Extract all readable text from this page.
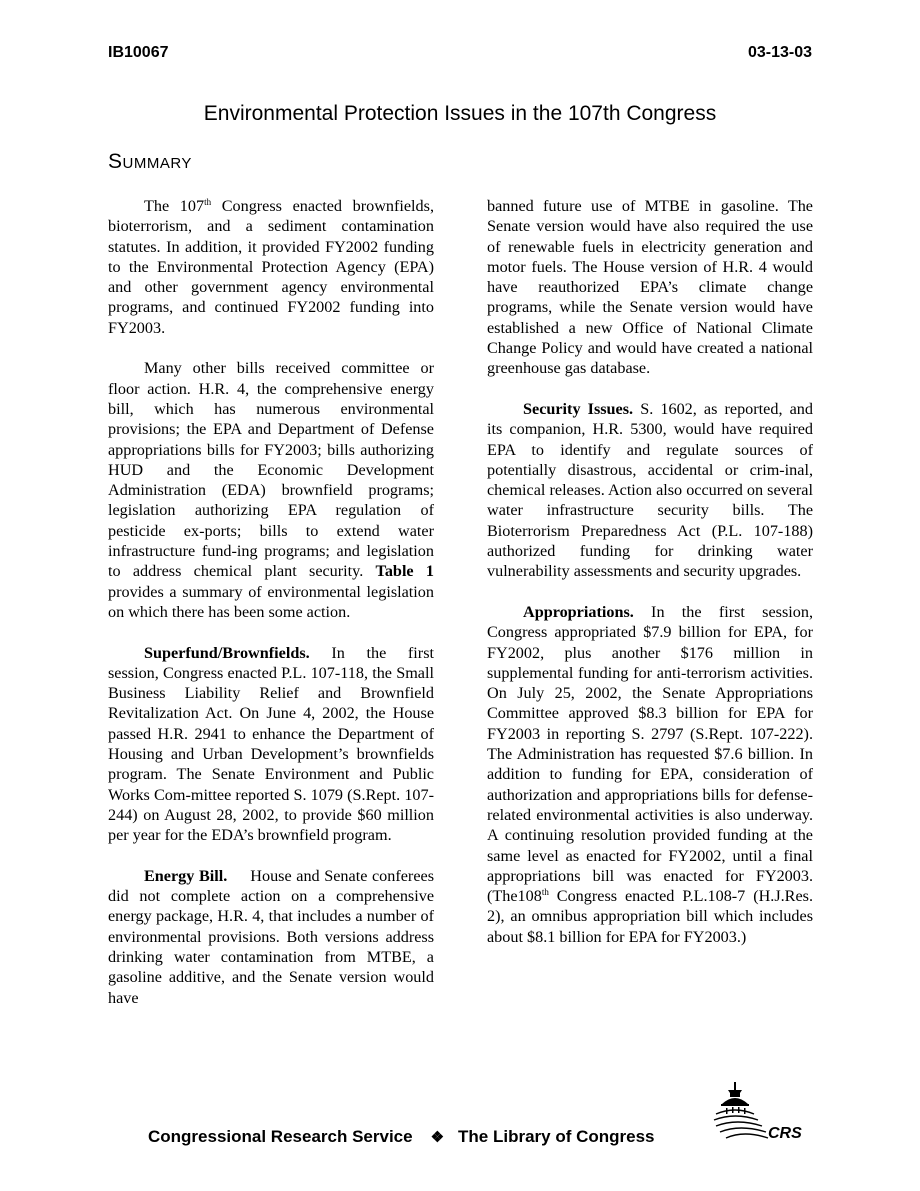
IB10067	03-13-03
Environmental Protection Issues in the 107th Congress
Summary

The 107th Congress enacted brownfields, bioterrorism, and a sediment contamination statutes. In addition, it provided FY2002 funding to the Environmental Protection Agency (EPA) and other government agency environmental programs, and continued FY2002 funding into FY2003.

Many other bills received committee or floor action. H.R. 4, the comprehensive energy bill, which has numerous environmental provisions; the EPA and Department of Defense appropriations bills for FY2003; bills authorizing HUD and the Economic Development Administration (EDA) brownfield programs; legislation authorizing EPA regulation of pesticide ex-ports; bills to extend water infrastructure fund-ing programs; and legislation to address chemical plant security. Table 1 provides a summary of environmental legislation on which there has been some action.

Superfund/Brownfields. In the first session, Congress enacted P.L. 107-118, the Small Business Liability Relief and Brownfield Revitalization Act. On June 4, 2002, the House passed H.R. 2941 to enhance the Department of Housing and Urban Development’s brownfields program. The Senate Environment and Public Works Com-mittee reported S. 1079 (S.Rept. 107-244) on August 28, 2002, to provide $60 million per year for the EDA’s brownfield program.

Energy Bill.     House and Senate conferees did not complete action on a comprehensive energy package, H.R. 4, that includes a number of environmental provisions. Both versions address drinking water contamination from MTBE, a gasoline additive, and the Senate version would have

banned future use of MTBE in gasoline. The Senate version would have also required the use of renewable fuels in electricity generation and motor fuels. The House version of H.R. 4 would have reauthorized EPA’s climate change programs, while the Senate version would have established a new Office of National Climate Change Policy and would have created a national greenhouse gas database.

Security Issues. S. 1602, as reported, and its companion, H.R. 5300, would have required EPA to identify and regulate sources of potentially disastrous, accidental or crim-inal, chemical releases. Action also occurred on several water infrastructure security bills. The Bioterrorism Preparedness Act (P.L. 107-188) authorized funding for drinking water vulnerability assessments and security upgrades.

Appropriations. In the first session, Congress appropriated $7.9 billion for EPA, for FY2002, plus another $176 million in supplemental funding for anti-terrorism activities. On July 25, 2002, the Senate Appropriations Committee approved $8.3 billion for EPA for FY2003 in reporting S. 2797 (S.Rept. 107-222). The Administration has requested $7.6 billion. In addition to funding for EPA, consideration of authorization and appropriations bills for defense-related environmental activities is also underway. A continuing resolution provided funding at the same level as enacted for FY2002, until a final appropriations bill was enacted for FY2003. (The108th Congress enacted P.L.108-7 (H.J.Res. 2), an omnibus appropriation bill which includes about $8.1 billion for EPA for FY2003.)

Congressional Research Service ❖ The Library of Congress	CRS
